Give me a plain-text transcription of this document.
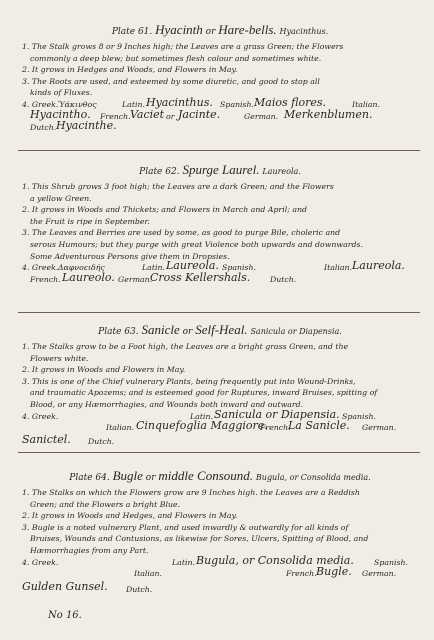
Plate 61. Hyacinth or Hare-bells. Hyacinthus.
1. The Stalk grows 8 or 9 Inches high; the Leaves are a grass Green; the Flowers
commonly a deep blew; but sometimes flesh colour and sometimes white.
2. It grows in Hedges and Woods, and Flowers in May.
3. The Roots are used, and esteemed by some diuretic, and good to stop all
kinds of Fluxes.
4. Greek. Ὑάκινθος	Latin. Hyacinthus. Spanish. Maios flores.	Italian.
Hyacintho. French. Vaciet or Jacinte.	German. Merkenblumen.
Dutch. Hyacinthe.
Plate 62. Spurge Laurel. Laureola.
1. This Shrub grows 3 foot high; the Leaves are a dark Green; and the Flowers
a yellow Green.
2. It grows in Woods and Thickets; and Flowers in March and April; and
the Fruit is ripe in September.
3. The Leaves and Berries are used by some, as good to purge Bile, choleric and
serous Humours; but they purge with great Violence both upwards and downwards.
Some Adventurous Persons give them in Dropsies.
4. Greek. Δαφνοειδής	Latin. Laureola. Spanish.	Italian. Laureola.
French. Laureolo. German.
Cross Kellershals.	Dutch.
Plate 63. Sanicle or Self-Heal. Sanicula or Diapensia.
1. The Stalks grow to be a Foot high, the Leaves are a bright grass Green, and the
Flowers white.
2. It grows in Woods and Flowers in May.
3. This is one of the Chief vulnerary Plants, being frequently put into Wound-Drinks,
and traumatic Apozems; and is esteemed good for Ruptures, inward Bruises, spitting of
Blood, or any Hæmorrhagies, and Wounds both inward and outward.
4. Greek.	Latin. Sanicula or Diapensia. Spanish.
Italian. Cinquefoglia Maggiore.
French.
La Sanicle. German.
Sanictel. Dutch.
Plate 64. Bugle or middle Consound. Bugula, or Consolida media.
1. The Stalks on which the Flowers grow are 9 Inches high. the Leaves are a Reddish
Green; and the Flowers a bright Blue.
2. It grows in Woods and Hedges, and Flowers in May.
3. Bugle is a noted vulnerary Plant, and used inwardly & outwardly for all kinds of
Bruises, Wounds and Contusions, as likewise for Sores, Ulcers, Spitting of Blood, and
Hæmorrhagies from any Part.
4. Greek.	Latin. Bugula, or Consolida media.	Spanish.
Italian.	French. Bugle. German.
Gulden Gunsel. Dutch.
No 16.
